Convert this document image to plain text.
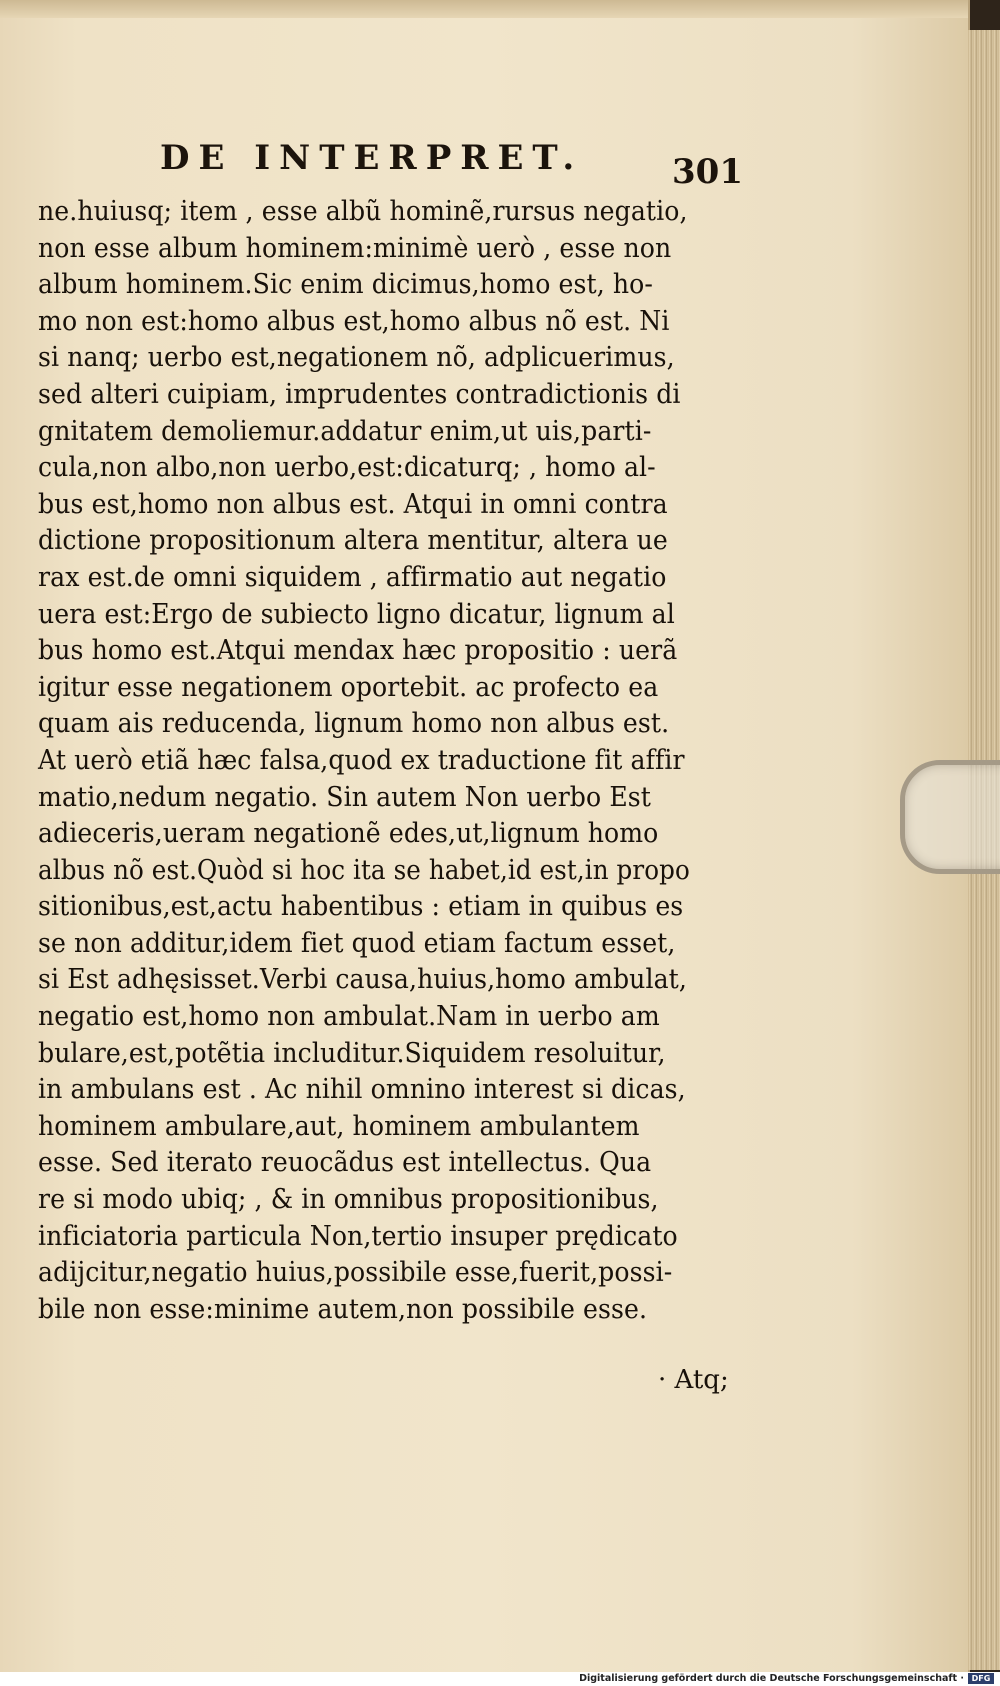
DE INTERPRET.	301
ne.huiusq; item , esse albũ hominẽ,rursus negatio,
non esse album hominem:minimè uerò , esse non
album hominem.Sic enim dicimus,homo est, ho-
mo non est:homo albus est,homo albus nõ est. Ni
si nanq; uerbo est,negationem nõ, adplicuerimus,
sed alteri cuipiam, imprudentes contradictionis di
gnitatem demoliemur.addatur enim,ut uis,parti-
cula,non albo,non uerbo,est:dicaturq; , homo al-
bus est,homo non albus est. Atqui in omni contra
dictione propositionum altera mentitur, altera ue
rax est.de omni siquidem , affirmatio aut negatio
uera est:Ergo de subiecto ligno dicatur, lignum al
bus homo est.Atqui mendax hæc propositio : uerã
igitur esse negationem oportebit. ac profecto ea
quam ais reducenda, lignum homo non albus est.
At uerò etiã hæc falsa,quod ex traductione fit affir
matio,nedum negatio. Sin autem Non uerbo Est
adieceris,ueram negationẽ edes,ut,lignum homo
albus nõ est.Quòd si hoc ita se habet,id est,in propo
sitionibus,est,actu habentibus : etiam in quibus es
se non additur,idem fiet quod etiam factum esset,
si Est adhęsisset.Verbi causa,huius,homo ambulat,
negatio est,homo non ambulat.Nam in uerbo am
bulare,est,potẽtia includitur.Siquidem resoluitur,
in ambulans est . Ac nihil omnino interest si dicas,
hominem ambulare,aut, hominem ambulantem
esse. Sed iterato reuocãdus est intellectus. Qua
re si modo ubiq; , & in omnibus propositionibus,
inficiatoria particula Non,tertio insuper prędicato
adijcitur,negatio huius,possibile esse,fuerit,possi-
bile non esse:minime autem,non possibile esse.
· Atq;
Digitalisierung gefördert durch die Deutsche Forschungsgemeinschaft · DFG
